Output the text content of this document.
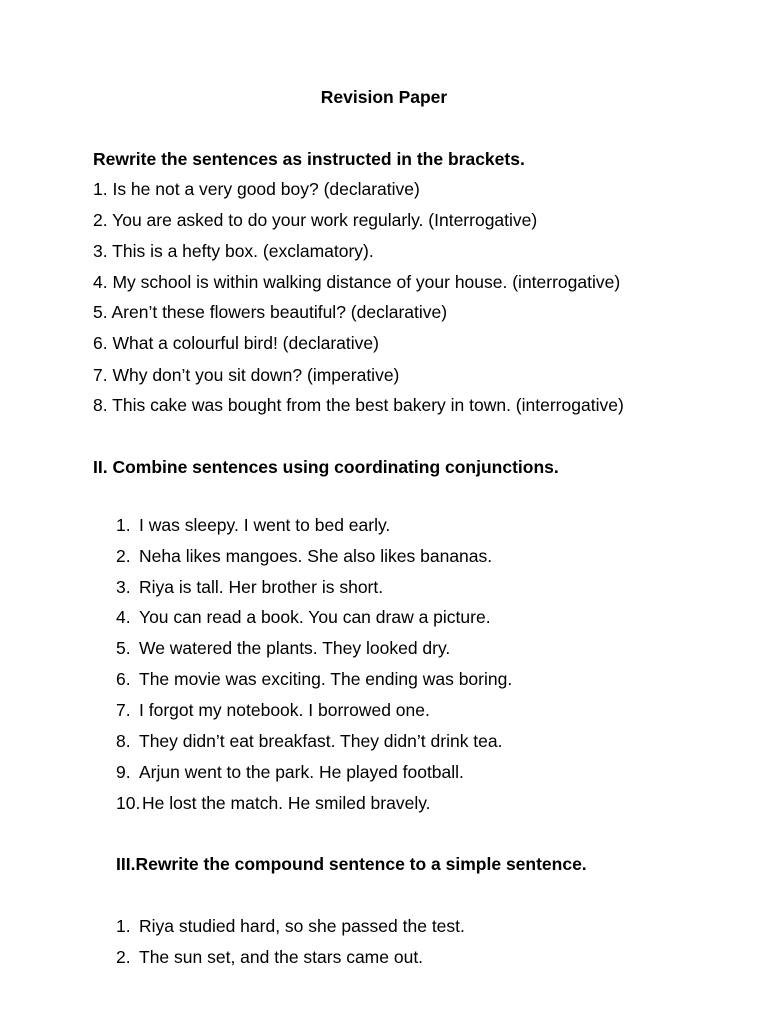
Revision Paper
Rewrite the sentences as instructed in the brackets.
1. Is he not a very good boy? (declarative)
2. You are asked to do your work regularly. (Interrogative)
3. This is a hefty box. (exclamatory).
4. My school is within walking distance of your house. (interrogative)
5. Aren’t these flowers beautiful? (declarative)
6. What a colourful bird! (declarative)
7. Why don’t you sit down? (imperative)
8. This cake was bought from the best bakery in town. (interrogative)
II. Combine sentences using coordinating conjunctions.
1. I was sleepy. I went to bed early.
2. Neha likes mangoes. She also likes bananas.
3. Riya is tall. Her brother is short.
4. You can read a book. You can draw a picture.
5. We watered the plants. They looked dry.
6. The movie was exciting. The ending was boring.
7. I forgot my notebook. I borrowed one.
8. They didn’t eat breakfast. They didn’t drink tea.
9. Arjun went to the park. He played football.
10. He lost the match. He smiled bravely.
III.Rewrite the compound sentence to a simple sentence.
1. Riya studied hard, so she passed the test.
2. The sun set, and the stars came out.
